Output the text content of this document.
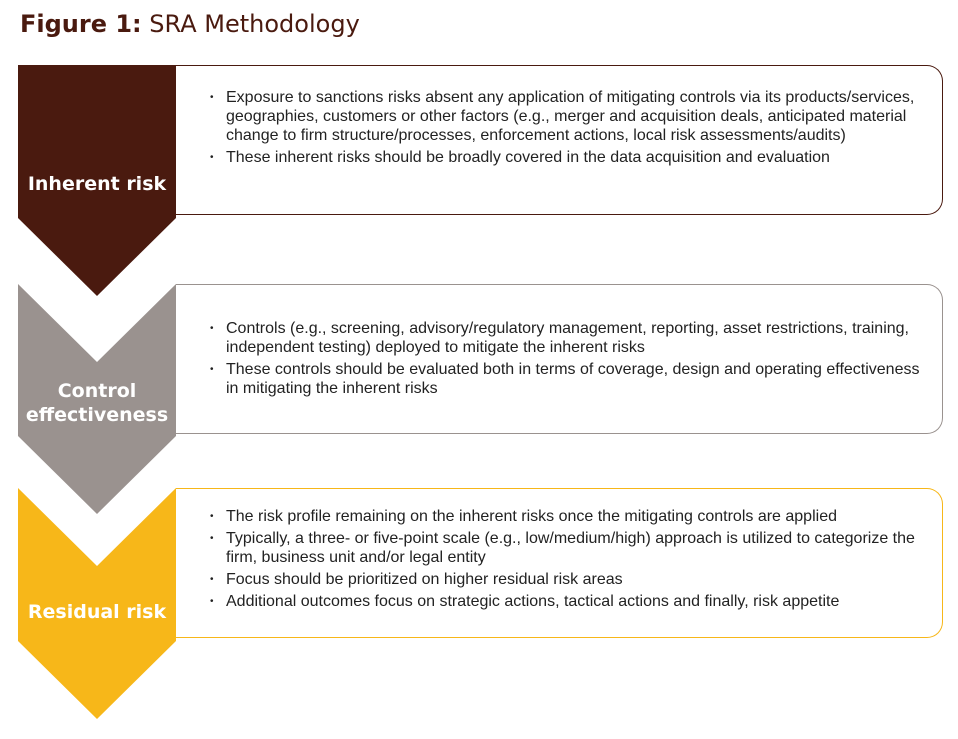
Figure 1: SRA Methodology
Inherent risk
Control effectiveness
Residual risk
• Exposure to sanctions risks absent any application of mitigating controls via its products/services, geographies, customers or other factors (e.g., merger and acquisition deals, anticipated material change to firm structure/processes, enforcement actions, local risk assessments/audits)
• These inherent risks should be broadly covered in the data acquisition and evaluation
• Controls (e.g., screening, advisory/regulatory management, reporting, asset restrictions, training, independent testing) deployed to mitigate the inherent risks
• These controls should be evaluated both in terms of coverage, design and operating effectiveness in mitigating the inherent risks
• The risk profile remaining on the inherent risks once the mitigating controls are applied
• Typically, a three- or five-point scale (e.g., low/medium/high) approach is utilized to categorize the firm, business unit and/or legal entity
• Focus should be prioritized on higher residual risk areas
• Additional outcomes focus on strategic actions, tactical actions and finally, risk appetite
